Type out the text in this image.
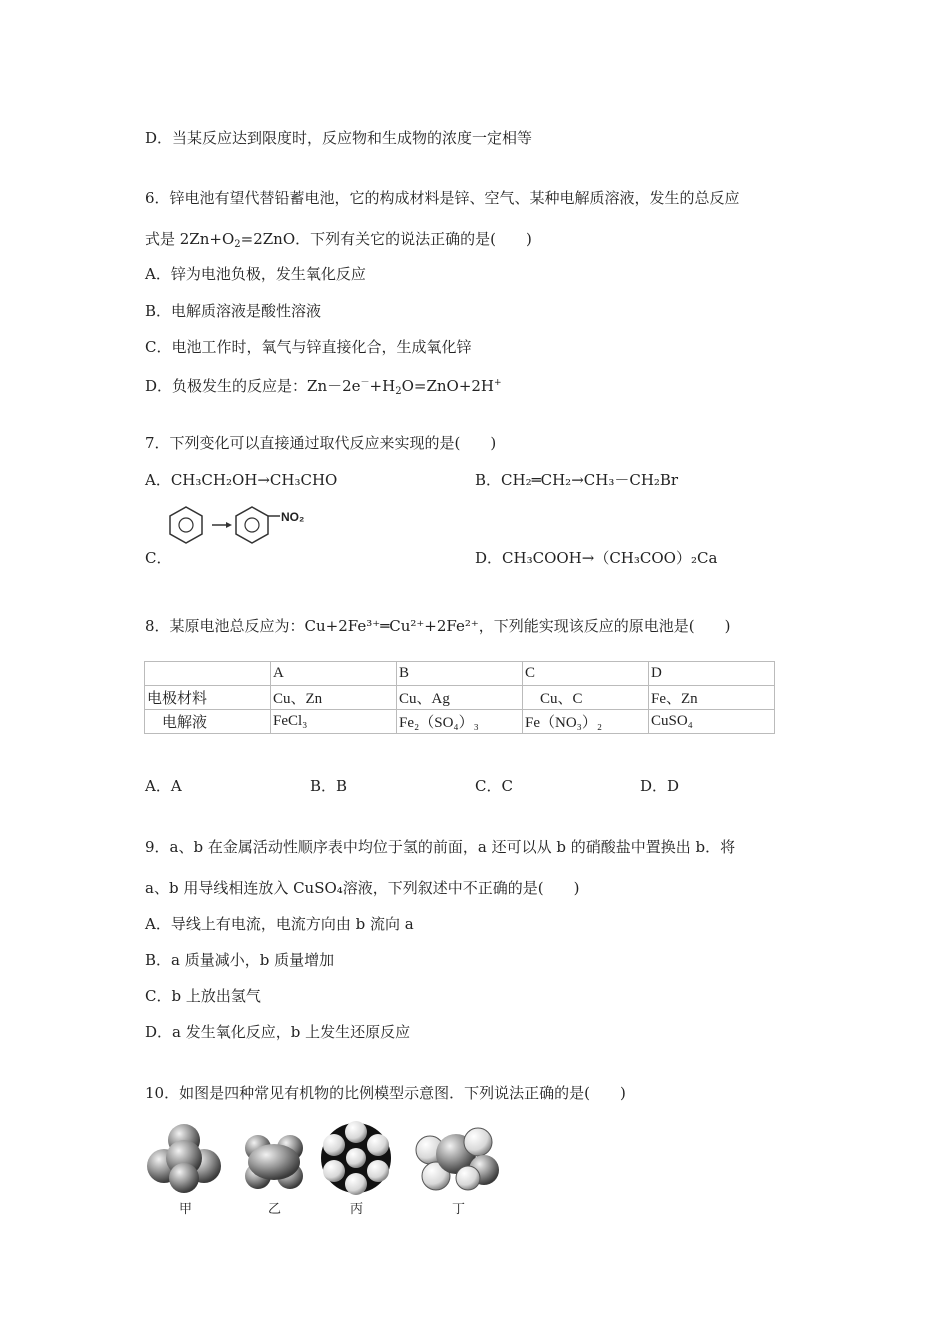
D．当某反应达到限度时，反应物和生成物的浓度一定相等
6．锌电池有望代替铅蓄电池，它的构成材料是锌、空气、某种电解质溶液，发生的总反应
式是 $2Zn+O_2=2ZnO$．下列有关它的说法正确的是(　　)
A．锌为电池负极，发生氧化反应
B．电解质溶液是酸性溶液
C．电池工作时，氧气与锌直接化合，生成氧化锌
D．负极发生的反应是：$Zn-2e^-+H_2O=ZnO+2H^+$
7．下列变化可以直接通过取代反应来实现的是(　　)
A．CH₃CH₂OH→CH₃CHO	B．CH₂═CH₂→CH₃－CH₂Br
C．
NO₂
D．CH₃COOH→（CH₃COO）₂Ca
8．某原电池总反应为：Cu+2Fe³⁺═Cu²⁺+2Fe²⁺，下列能实现该反应的原电池是(　　)
	A	B	C	D
电极材料	Cu、Zn	Cu、Ag	　Cu、C	Fe、Zn
　电解液	FeCl₃	Fe₂（SO₄）₃	Fe（NO₃）₂	CuSO₄
A．A	B．B	C．C	D．D
9．a、b 在金属活动性顺序表中均位于氢的前面，a 还可以从 b 的硝酸盐中置换出 b．将
a、b 用导线相连放入 CuSO₄溶液，下列叙述中不正确的是(　　)
A．导线上有电流，电流方向由 b 流向 a
B．a 质量减小，b 质量增加
C．b 上放出氢气
D．a 发生氧化反应，b 上发生还原反应
10．如图是四种常见有机物的比例模型示意图．下列说法正确的是(　　)
甲	乙	丙	丁
